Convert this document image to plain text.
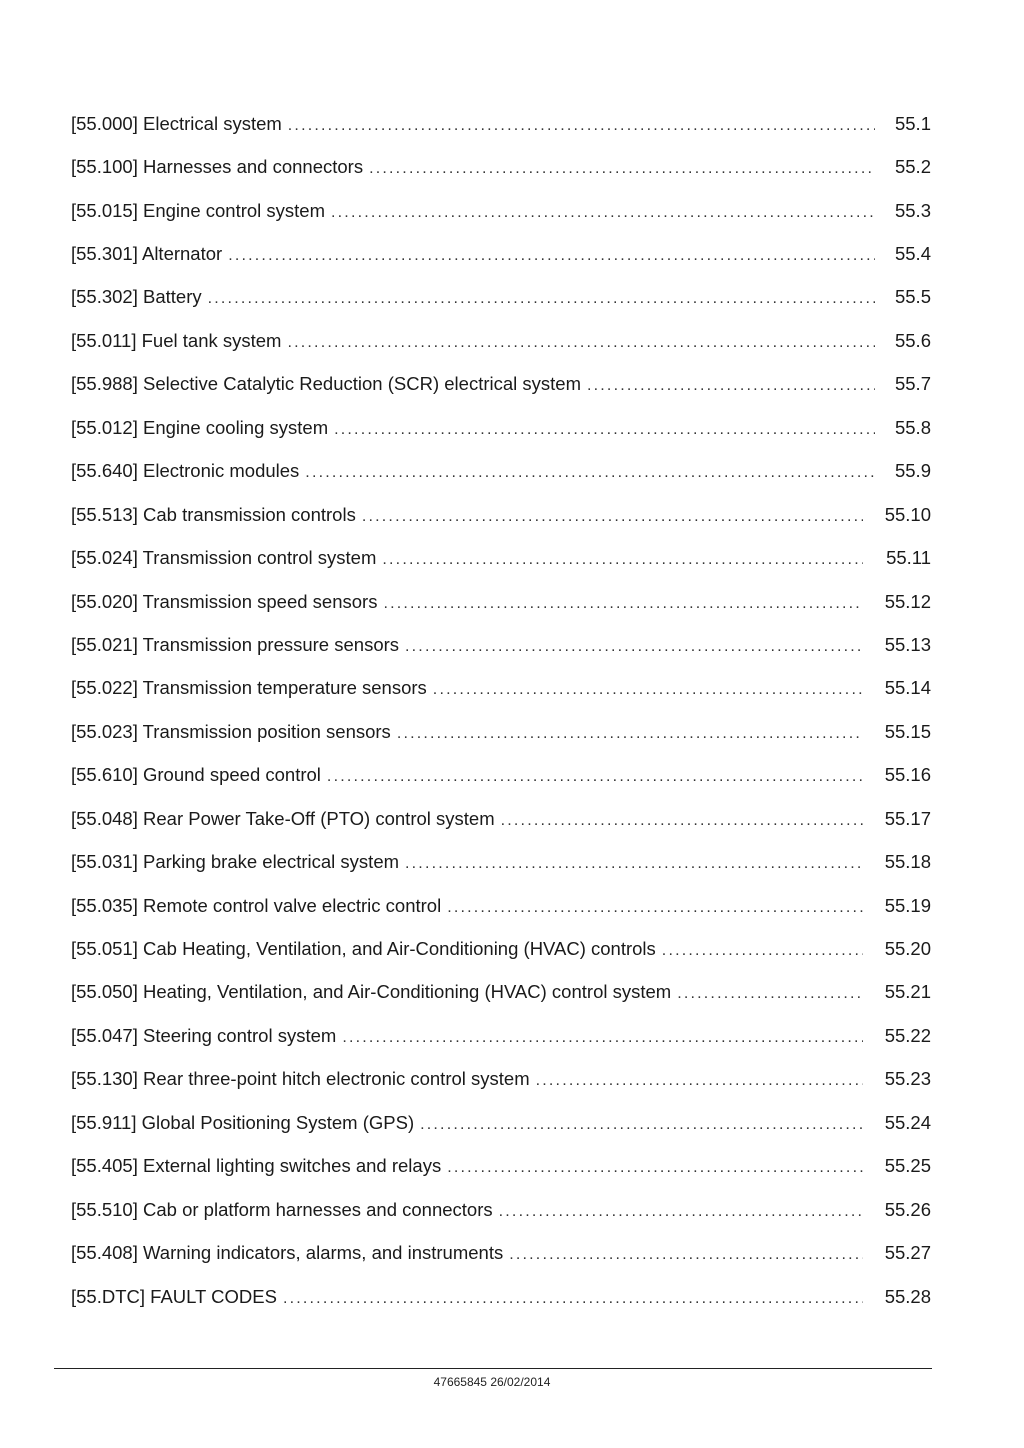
[55.000] Electrical system .....	55.1
[55.100] Harnesses and connectors .....	55.2
[55.015] Engine control system .....	55.3
[55.301] Alternator .....	55.4
[55.302] Battery .....	55.5
[55.011] Fuel tank system .....	55.6
[55.988] Selective Catalytic Reduction (SCR) electrical system .....	55.7
[55.012] Engine cooling system .....	55.8
[55.640] Electronic modules .....	55.9
[55.513] Cab transmission controls .....	55.10
[55.024] Transmission control system .....	55.11
[55.020] Transmission speed sensors .....	55.12
[55.021] Transmission pressure sensors .....	55.13
[55.022] Transmission temperature sensors .....	55.14
[55.023] Transmission position sensors .....	55.15
[55.610] Ground speed control .....	55.16
[55.048] Rear Power Take-Off (PTO) control system .....	55.17
[55.031] Parking brake electrical system .....	55.18
[55.035] Remote control valve electric control .....	55.19
[55.051] Cab Heating, Ventilation, and Air-Conditioning (HVAC) controls .....	55.20
[55.050] Heating, Ventilation, and Air-Conditioning (HVAC) control system .....	55.21
[55.047] Steering control system .....	55.22
[55.130] Rear three-point hitch electronic control system .....	55.23
[55.911] Global Positioning System (GPS) .....	55.24
[55.405] External lighting switches and relays .....	55.25
[55.510] Cab or platform harnesses and connectors .....	55.26
[55.408] Warning indicators, alarms, and instruments .....	55.27
[55.DTC] FAULT CODES .....	55.28
47665845 26/02/2014
